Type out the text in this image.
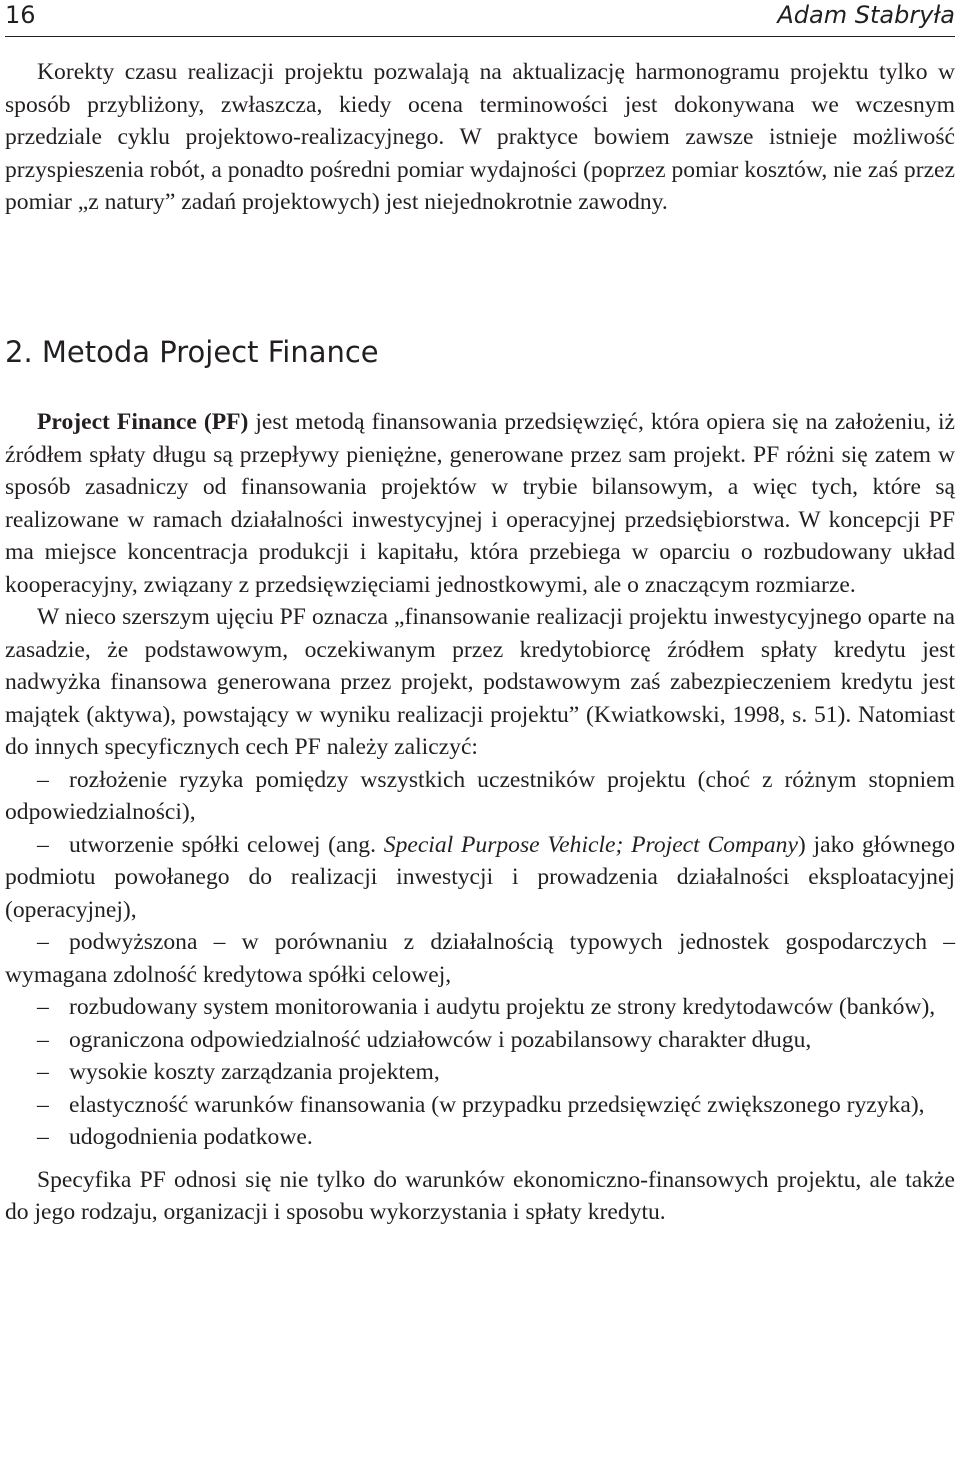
16	Adam Stabryła

Korekty czasu realizacji projektu pozwalają na aktualizację harmonogramu projektu tylko w sposób przybliżony, zwłaszcza, kiedy ocena terminowości jest dokonywana we wczesnym przedziale cyklu projektowo-realizacyjnego. W praktyce bowiem zawsze istnieje możliwość przyspieszenia robót, a ponadto pośredni pomiar wydajności (poprzez pomiar kosztów, nie zaś przez pomiar „z natury” zadań projektowych) jest niejednokrotnie zawodny.

2. Metoda Project Finance

Project Finance (PF) jest metodą finansowania przedsięwzięć, która opiera się na założeniu, iż źródłem spłaty długu są przepływy pieniężne, generowane przez sam projekt. PF różni się zatem w sposób zasadniczy od finansowania projektów w trybie bilansowym, a więc tych, które są realizowane w ramach działalności inwestycyjnej i operacyjnej przedsiębiorstwa. W koncepcji PF ma miejsce koncentracja produkcji i kapitału, która przebiega w oparciu o rozbudowany układ kooperacyjny, związany z przedsięwzięciami jednostkowymi, ale o znaczącym rozmiarze.

W nieco szerszym ujęciu PF oznacza „finansowanie realizacji projektu inwestycyjnego oparte na zasadzie, że podstawowym, oczekiwanym przez kredytobiorcę źródłem spłaty kredytu jest nadwyżka finansowa generowana przez projekt, podstawowym zaś zabezpieczeniem kredytu jest majątek (aktywa), powstający w wyniku realizacji projektu” (Kwiatkowski, 1998, s. 51). Natomiast do innych specyficznych cech PF należy zaliczyć:

– rozłożenie ryzyka pomiędzy wszystkich uczestników projektu (choć z różnym stopniem odpowiedzialności),

– utworzenie spółki celowej (ang. Special Purpose Vehicle; Project Company) jako głównego podmiotu powołanego do realizacji inwestycji i prowadzenia działalności eksploatacyjnej (operacyjnej),

– podwyższona – w porównaniu z działalnością typowych jednostek gospodarczych – wymagana zdolność kredytowa spółki celowej,

– rozbudowany system monitorowania i audytu projektu ze strony kredytodawców (banków),

– ograniczona odpowiedzialność udziałowców i pozabilansowy charakter długu,

– wysokie koszty zarządzania projektem,

– elastyczność warunków finansowania (w przypadku przedsięwzięć zwiększonego ryzyka),

– udogodnienia podatkowe.

Specyfika PF odnosi się nie tylko do warunków ekonomiczno-finansowych projektu, ale także do jego rodzaju, organizacji i sposobu wykorzystania i spłaty kredytu.
